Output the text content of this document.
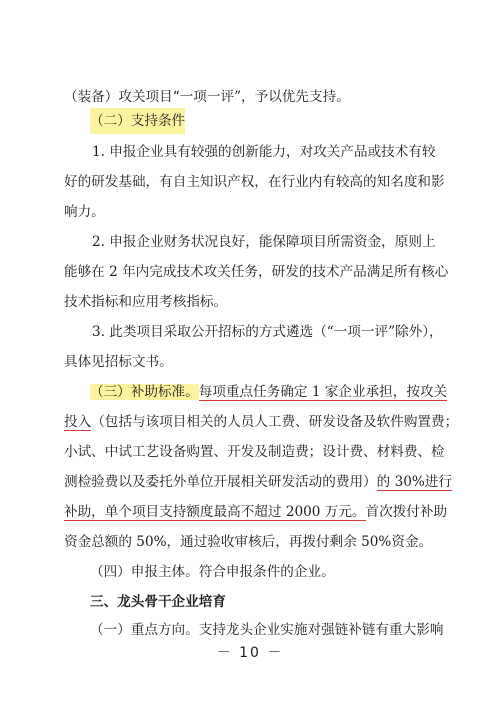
（装备）攻关项目“一项一评”，予以优先支持。
（二）支持条件
1. 申报企业具有较强的创新能力，对攻关产品或技术有较
好的研发基础，有自主知识产权，在行业内有较高的知名度和影
响力。
2. 申报企业财务状况良好，能保障项目所需资金，原则上
能够在 2 年内完成技术攻关任务，研发的技术产品满足所有核心
技术指标和应用考核指标。
3. 此类项目采取公开招标的方式遴选（“一项一评”除外），
具体见招标文书。
（三）补助标准。每项重点任务确定 1 家企业承担，按攻关
投入（包括与该项目相关的人员人工费、研发设备及软件购置费；
小试、中试工艺设备购置、开发及制造费；设计费、材料费、检
测检验费以及委托外单位开展相关研发活动的费用）的 30%进行
补助，单个项目支持额度最高不超过 2000 万元。首次拨付补助
资金总额的 50%，通过验收审核后，再拨付剩余 50%资金。
（四）申报主体。符合申报条件的企业。
三、龙头骨干企业培育
（一）重点方向。支持龙头企业实施对强链补链有重大影响
－ 10 －
